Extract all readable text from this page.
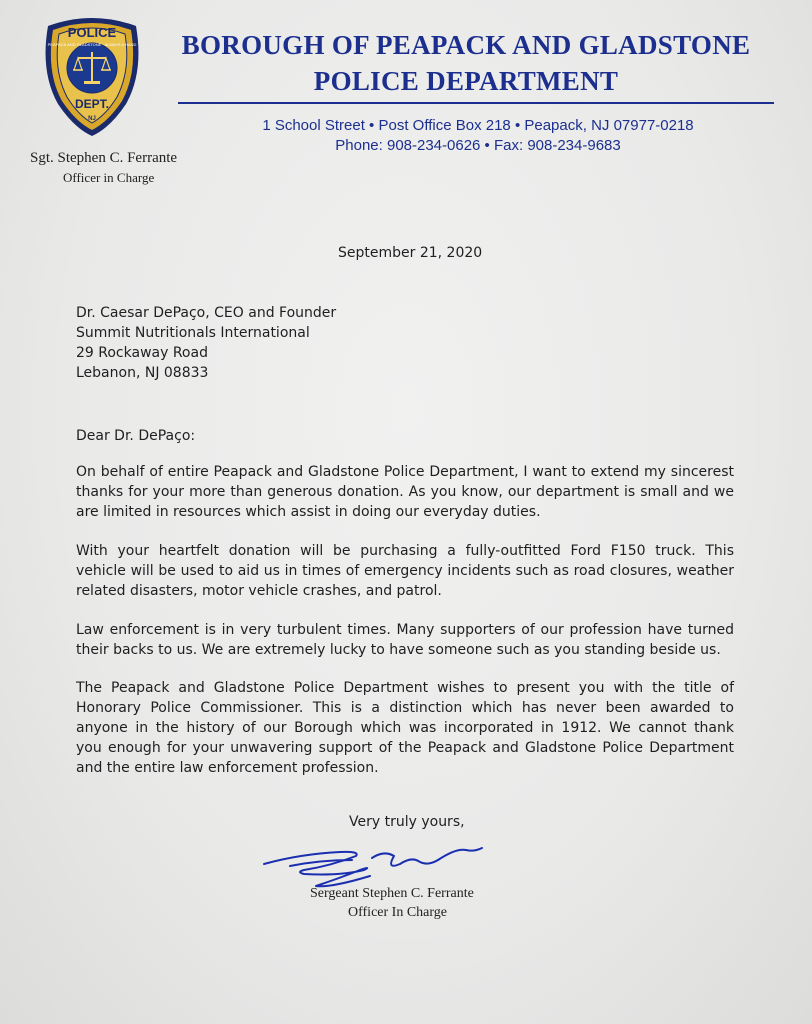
POLICE
PEAPACK AND GLADSTONE · ALWAYS A HAND
DEPT.
NJ
BOROUGH OF PEAPACK AND GLADSTONE
POLICE DEPARTMENT
1 School Street • Post Office Box 218 • Peapack, NJ 07977-0218
Phone: 908-234-0626 • Fax: 908-234-9683
Sgt. Stephen C. Ferrante
Officer in Charge
September 21, 2020
Dr. Caesar DePaço, CEO and Founder
Summit Nutritionals International
29 Rockaway Road
Lebanon, NJ 08833
Dear Dr. DePaço:
On behalf of entire Peapack and Gladstone Police Department, I want to extend my sincerest
thanks for your more than generous donation. As you know, our department is small and we
are limited in resources which assist in doing our everyday duties.
With your heartfelt donation will be purchasing a fully-outfitted Ford F150 truck. This
vehicle will be used to aid us in times of emergency incidents such as road closures, weather
related disasters, motor vehicle crashes, and patrol.
Law enforcement is in very turbulent times. Many supporters of our profession have turned
their backs to us. We are extremely lucky to have someone such as you standing beside us.
The Peapack and Gladstone Police Department wishes to present you with the title of
Honorary Police Commissioner. This is a distinction which has never been awarded to
anyone in the history of our Borough which was incorporated in 1912. We cannot thank
you enough for your unwavering support of the Peapack and Gladstone Police Department
and the entire law enforcement profession.
Very truly yours,
Sergeant Stephen C. Ferrante
Officer In Charge
